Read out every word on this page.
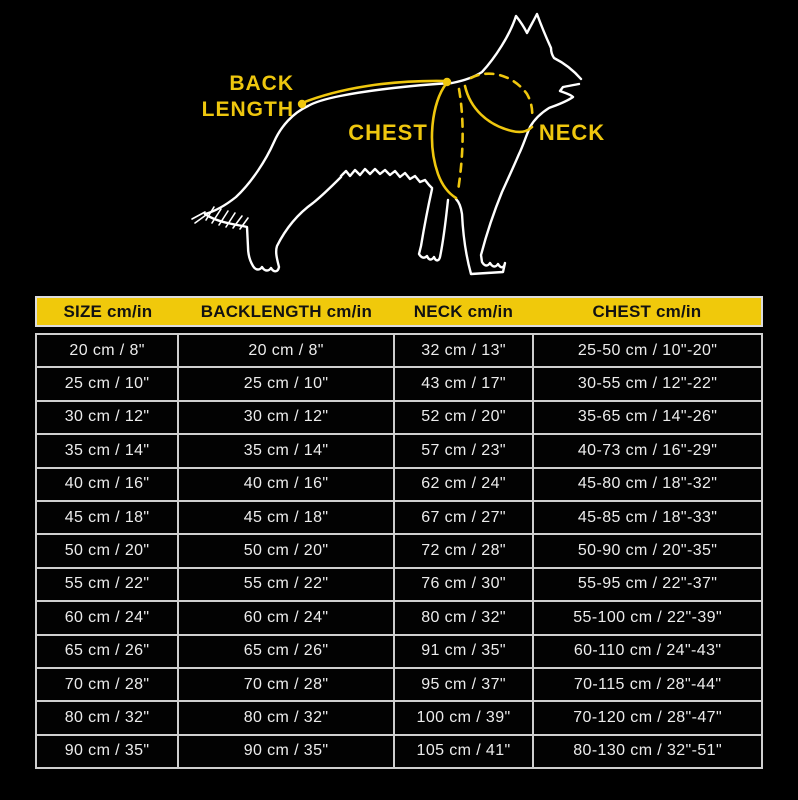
BACK
LENGTH
CHEST	NECK
SIZE cm/in	BACKLENGTH cm/in	NECK cm/in	CHEST cm/in
20 cm / 8"	20 cm / 8"	32 cm / 13"	25-50 cm / 10"-20"
25 cm / 10"	25 cm / 10"	43 cm / 17"	30-55 cm / 12"-22"
30 cm / 12"	30 cm / 12"	52 cm / 20"	35-65 cm / 14"-26"
35 cm / 14"	35 cm / 14"	57 cm / 23"	40-73 cm / 16"-29"
40 cm / 16"	40 cm / 16"	62 cm / 24"	45-80 cm / 18"-32"
45 cm / 18"	45 cm / 18"	67 cm / 27"	45-85 cm / 18"-33"
50 cm / 20"	50 cm / 20"	72 cm / 28"	50-90 cm / 20"-35"
55 cm / 22"	55 cm / 22"	76 cm / 30"	55-95 cm / 22"-37"
60 cm / 24"	60 cm / 24"	80 cm / 32"	55-100 cm / 22"-39"
65 cm / 26"	65 cm / 26"	91 cm / 35"	60-110 cm / 24"-43"
70 cm / 28"	70 cm / 28"	95 cm / 37"	70-115 cm / 28"-44"
80 cm / 32"	80 cm / 32"	100 cm / 39"	70-120 cm / 28"-47"
90 cm / 35"	90 cm / 35"	105 cm / 41"	80-130 cm / 32"-51"
